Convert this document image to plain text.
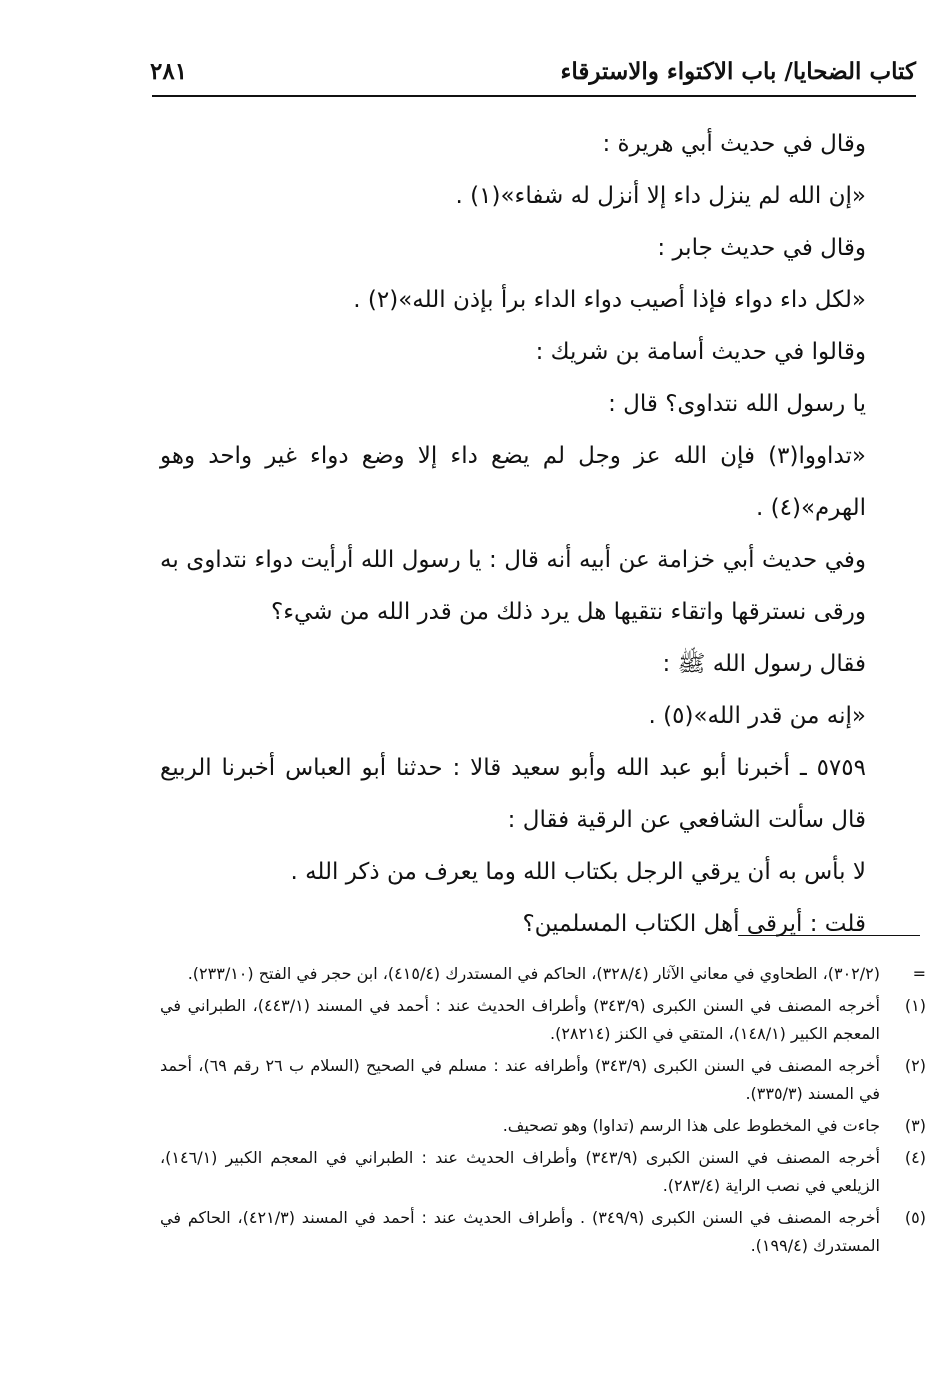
كتاب الضحايا/ باب الاكتواء والاسترقاء
٢٨١

وقال في حديث أبي هريرة :

«إن الله لم ينزل داء إلا أنزل له شفاء»(١) .

وقال في حديث جابر :

«لكل داء دواء فإذا أصيب دواء الداء برأ بإذن الله»(٢) .

وقالوا في حديث أسامة بن شريك :

يا رسول الله نتداوى؟ قال :

«تداووا(٣) فإن الله عز وجل لم يضع داء إلا وضع دواء غير واحد وهو الهرم»(٤) .

وفي حديث أبي خزامة عن أبيه أنه قال : يا رسول الله أرأيت دواء نتداوى به ورقى نسترقها واتقاء نتقيها هل يرد ذلك من قدر الله من شيء؟

فقال رسول الله ﷺ :

«إنه من قدر الله»(٥) .

٥٧٥٩ ـ أخبرنا أبو عبد الله وأبو سعيد قالا : حدثنا أبو العباس أخبرنا الربيع قال سألت الشافعي عن الرقية فقال :

لا بأس به أن يرقي الرجل بكتاب الله وما يعرف من ذكر الله .

قلت : أيرقى أهل الكتاب المسلمين؟

=
(٣٠٢/٢)، الطحاوي في معاني الآثار (٣٢٨/٤)، الحاكم في المستدرك (٤١٥/٤)، ابن حجر في الفتح (٢٣٣/١٠).
(١)
أخرجه المصنف في السنن الكبرى (٣٤٣/٩) وأطراف الحديث عند : أحمد في المسند (٤٤٣/١)، الطبراني في المعجم الكبير (١٤٨/١)، المتقي في الكنز (٢٨٢١٤).
(٢)
أخرجه المصنف في السنن الكبرى (٣٤٣/٩) وأطرافه عند : مسلم في الصحيح (السلام ب ٢٦ رقم ٦٩)، أحمد في المسند (٣٣٥/٣).
(٣)
جاءت في المخطوط على هذا الرسم (تداوا) وهو تصحيف.
(٤)
أخرجه المصنف في السنن الكبرى (٣٤٣/٩) وأطراف الحديث عند : الطبراني في المعجم الكبير (١٤٦/١)، الزيلعي في نصب الراية (٢٨٣/٤).
(٥)
أخرجه المصنف في السنن الكبرى (٣٤٩/٩) . وأطراف الحديث عند : أحمد في المسند (٤٢١/٣)، الحاكم في المستدرك (١٩٩/٤).
